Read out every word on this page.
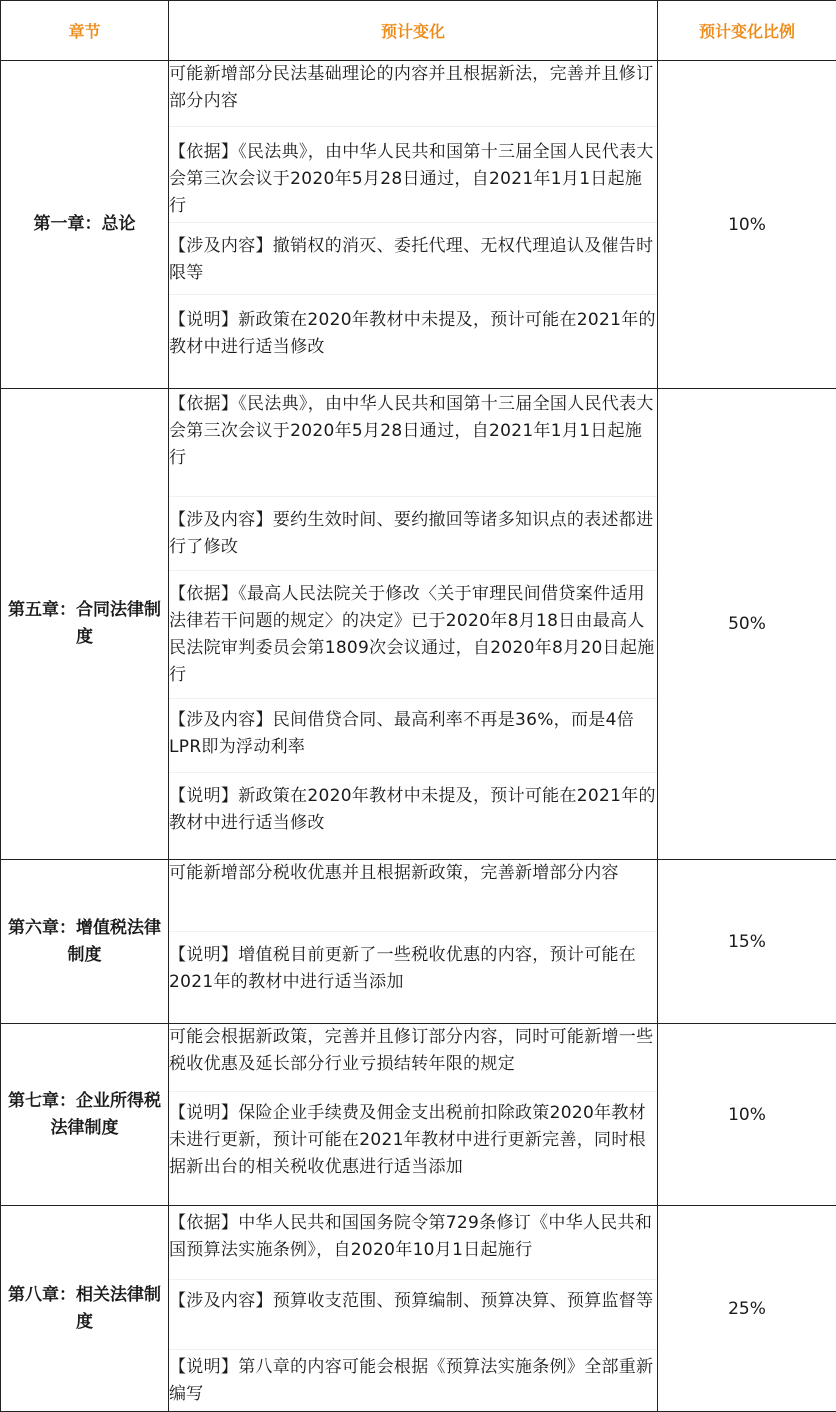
章节	预计变化	预计变化比例
第一章：总论	可能新增部分民法基础理论的内容并且根据新法，完善并且修订部分内容
【依据】《民法典》，由中华人民共和国第十三届全国人民代表大会第三次会议于2020年5月28日通过，自2021年1月1日起施行
【涉及内容】撤销权的消灭、委托代理、无权代理追认及催告时限等
【说明】新政策在2020年教材中未提及，预计可能在2021年的教材中进行适当修改	10%
第五章：合同法律制度	【依据】《民法典》，由中华人民共和国第十三届全国人民代表大会第三次会议于2020年5月28日通过，自2021年1月1日起施行
【涉及内容】要约生效时间、要约撤回等诸多知识点的表述都进行了修改
【依据】《最高人民法院关于修改〈关于审理民间借贷案件适用法律若干问题的规定〉的决定》已于2020年8月18日由最高人民法院审判委员会第1809次会议通过，自2020年8月20日起施行
【涉及内容】民间借贷合同、最高利率不再是36%，而是4倍LPR即为浮动利率
【说明】新政策在2020年教材中未提及，预计可能在2021年的教材中进行适当修改	50%
第六章：增值税法律制度	可能新增部分税收优惠并且根据新政策，完善新增部分内容
【说明】增值税目前更新了一些税收优惠的内容，预计可能在2021年的教材中进行适当添加	15%
第七章：企业所得税法律制度	可能会根据新政策，完善并且修订部分内容，同时可能新增一些税收优惠及延长部分行业亏损结转年限的规定
【说明】保险企业手续费及佣金支出税前扣除政策2020年教材未进行更新，预计可能在2021年教材中进行更新完善，同时根据新出台的相关税收优惠进行适当添加	10%
第八章：相关法律制度	【依据】中华人民共和国国务院令第729条修订《中华人民共和国预算法实施条例》，自2020年10月1日起施行
【涉及内容】预算收支范围、预算编制、预算决算、预算监督等
【说明】第八章的内容可能会根据《预算法实施条例》全部重新编写	25%
